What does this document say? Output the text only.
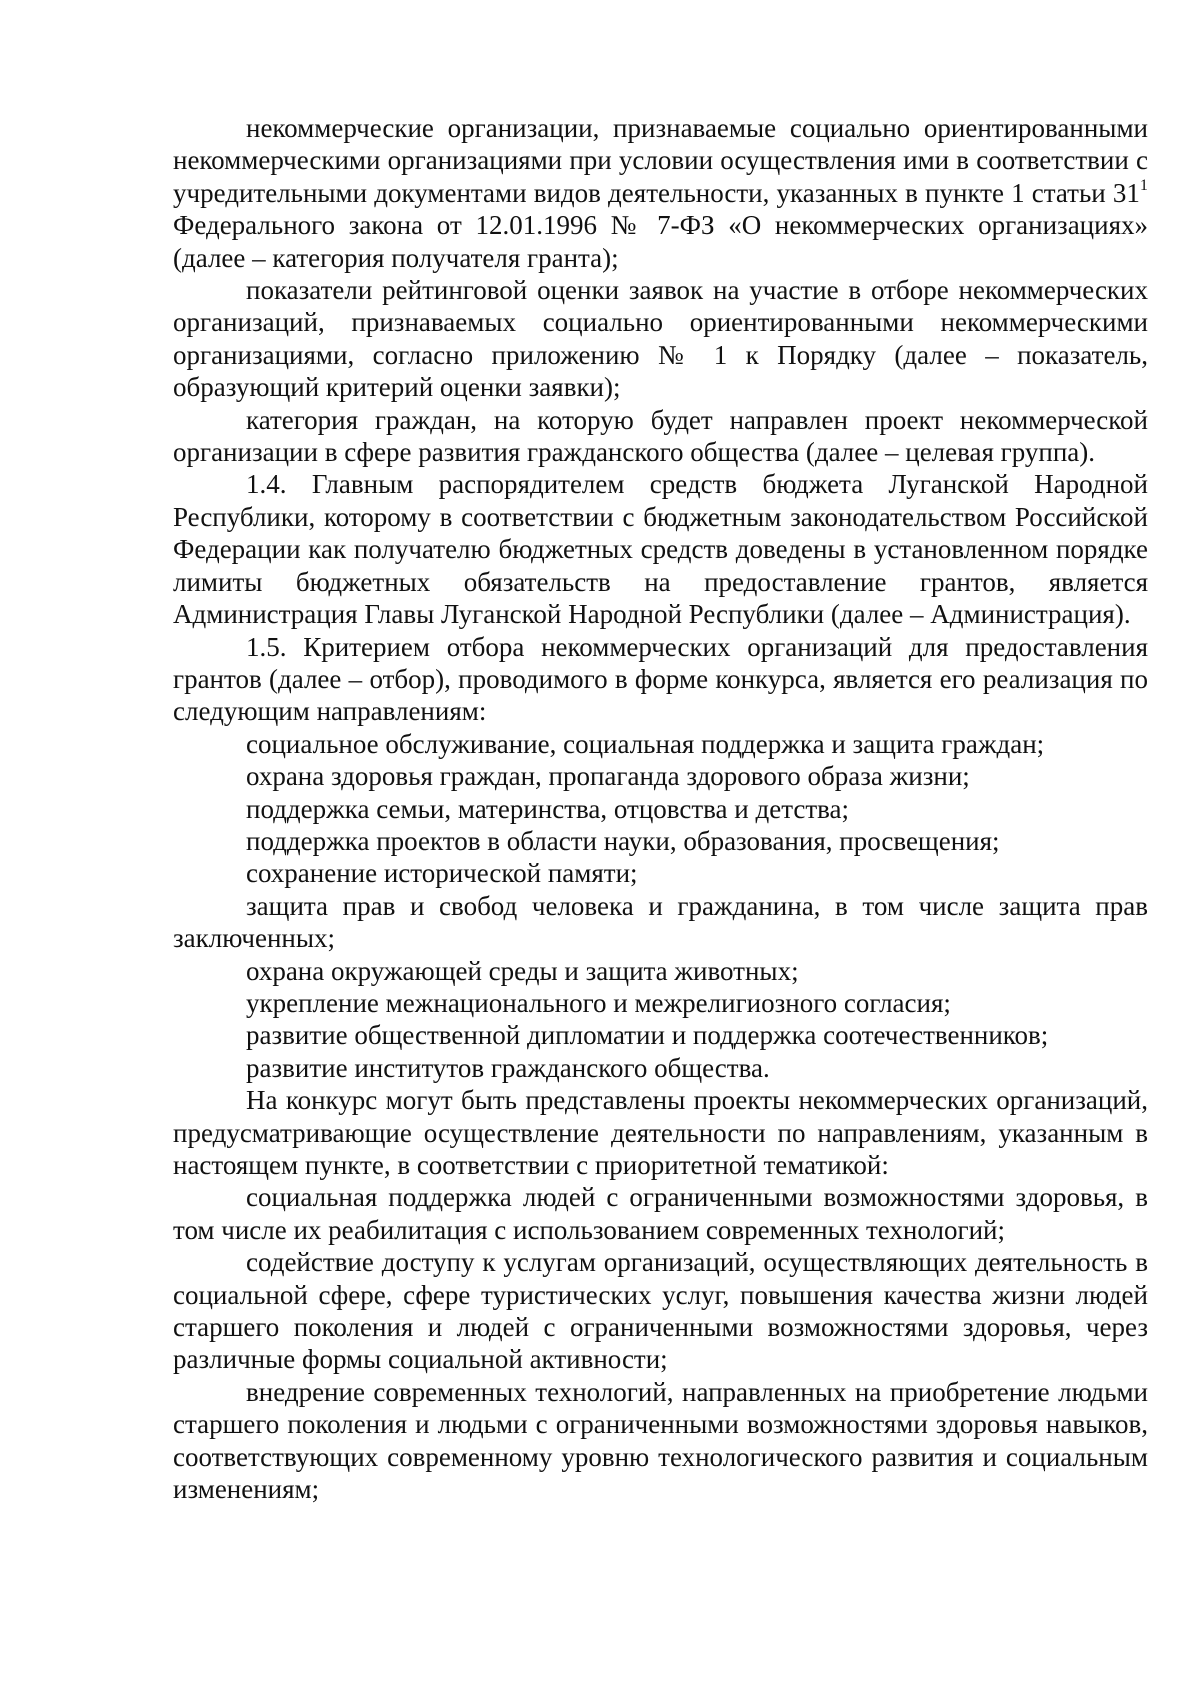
некоммерческие организации, признаваемые социально ориентированными некоммерческими организациями при условии осуществления ими в соответствии с учредительными документами видов деятельности, указанных в пункте 1 статьи $31^1$ Федерального закона от 12.01.1996 № 7-ФЗ «О некоммерческих организациях» (далее – категория получателя гранта);

показатели рейтинговой оценки заявок на участие в отборе некоммерческих организаций, признаваемых социально ориентированными некоммерческими организациями, согласно приложению № 1 к Порядку (далее – показатель, образующий критерий оценки заявки);

категория граждан, на которую будет направлен проект некоммерческой организации в сфере развития гражданского общества (далее – целевая группа).

1.4. Главным распорядителем средств бюджета Луганской Народной Республики, которому в соответствии с бюджетным законодательством Российской Федерации как получателю бюджетных средств доведены в установленном порядке лимиты бюджетных обязательств на предоставление грантов, является Администрация Главы Луганской Народной Республики (далее – Администрация).

1.5. Критерием отбора некоммерческих организаций для предоставления грантов (далее – отбор), проводимого в форме конкурса, является его реализация по следующим направлениям:

социальное обслуживание, социальная поддержка и защита граждан;

охрана здоровья граждан, пропаганда здорового образа жизни;

поддержка семьи, материнства, отцовства и детства;

поддержка проектов в области науки, образования, просвещения;

сохранение исторической памяти;

защита прав и свобод человека и гражданина, в том числе защита прав заключенных;

охрана окружающей среды и защита животных;

укрепление межнационального и межрелигиозного согласия;

развитие общественной дипломатии и поддержка соотечественников;

развитие институтов гражданского общества.

На конкурс могут быть представлены проекты некоммерческих организаций, предусматривающие осуществление деятельности по направлениям, указанным в настоящем пункте, в соответствии с приоритетной тематикой:

социальная поддержка людей с ограниченными возможностями здоровья, в том числе их реабилитация с использованием современных технологий;

содействие доступу к услугам организаций, осуществляющих деятельность в социальной сфере, сфере туристических услуг, повышения качества жизни людей старшего поколения и людей с ограниченными возможностями здоровья, через различные формы социальной активности;

внедрение современных технологий, направленных на приобретение людьми старшего поколения и людьми с ограниченными возможностями здоровья навыков, соответствующих современному уровню технологического развития и социальным изменениям;
